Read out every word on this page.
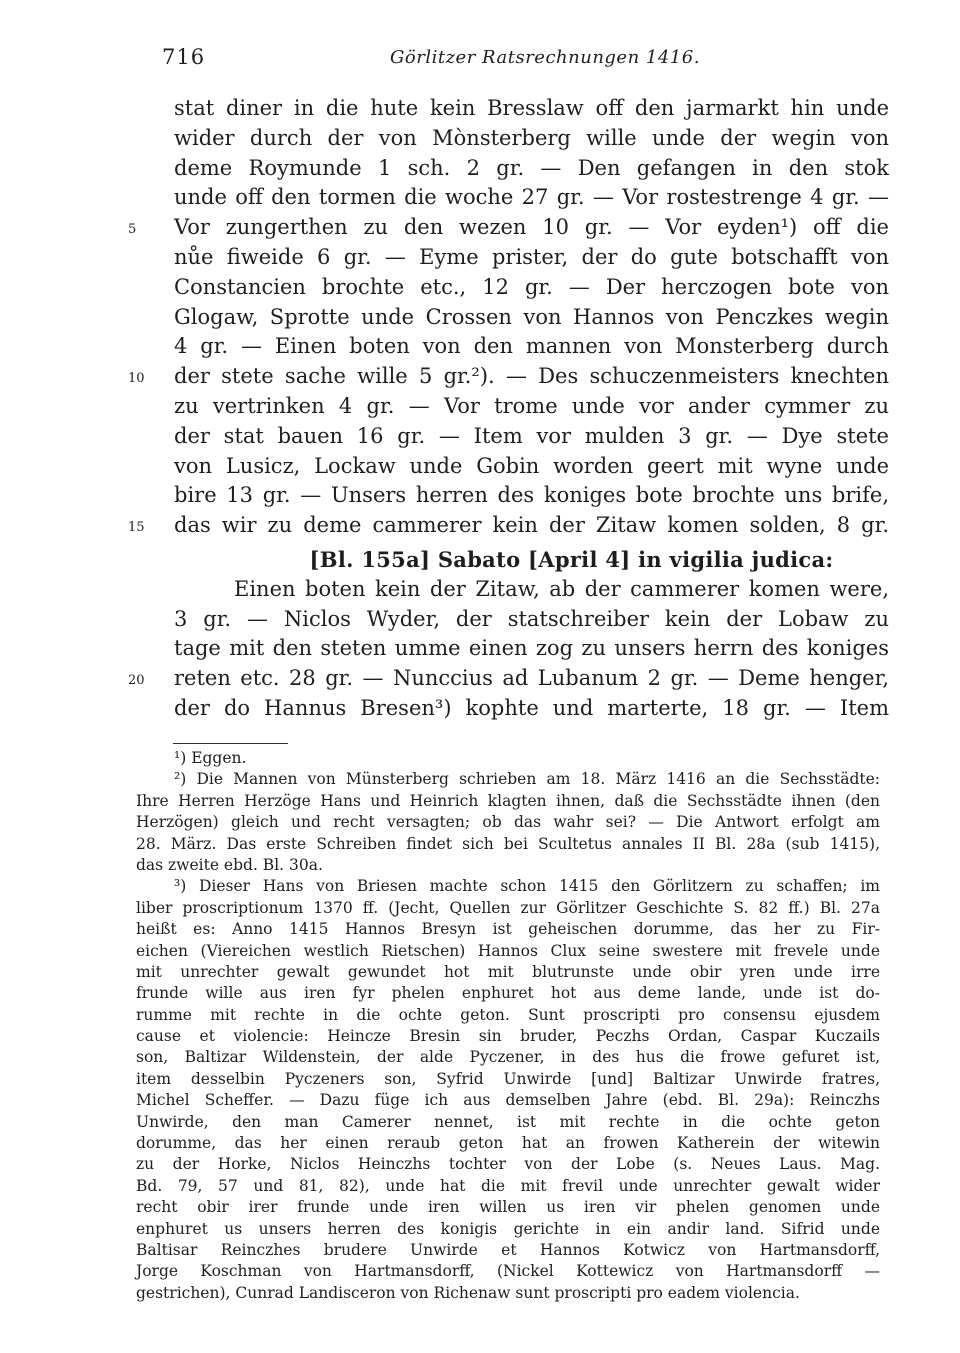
716	Görlitzer Ratsrechnungen 1416.
stat diner in die hute kein Bresslaw off den jarmarkt hin unde
wider durch der von Mònsterberg wille unde der wegin von
deme Roymunde 1 sch. 2 gr. — Den gefangen in den stok
unde off den tormen die woche 27 gr. — Vor rostestrenge 4 gr. —
5 Vor zungerthen zu den wezen 10 gr. — Vor eyden¹) off die
nůe fiweide 6 gr. — Eyme prister, der do gute botschafft von
Constancien brochte etc., 12 gr. — Der herczogen bote von
Glogaw, Sprotte unde Crossen von Hannos von Penczkes wegin
4 gr. — Einen boten von den mannen von Monsterberg durch
10 der stete sache wille 5 gr.²). — Des schuczenmeisters knechten
zu vertrinken 4 gr. — Vor trome unde vor ander cymmer zu
der stat bauen 16 gr. — Item vor mulden 3 gr. — Dye stete
von Lusicz, Lockaw unde Gobin worden geert mit wyne unde
bire 13 gr. — Unsers herren des koniges bote brochte uns brife,
15 das wir zu deme cammerer kein der Zitaw komen solden, 8 gr.
[Bl. 155a] Sabato [April 4] in vigilia judica:
Einen boten kein der Zitaw, ab der cammerer komen were,
3 gr. — Niclos Wyder, der statschreiber kein der Lobaw zu
tage mit den steten umme einen zog zu unsers herrn des koniges
20 reten etc. 28 gr. — Nunccius ad Lubanum 2 gr. — Deme henger,
der do Hannus Bresen³) kophte und marterte, 18 gr. — Item
¹) Eggen.
²) Die Mannen von Münsterberg schrieben am 18. März 1416 an die Sechsstädte:
Ihre Herren Herzöge Hans und Heinrich klagten ihnen, daß die Sechsstädte ihnen (den
Herzögen) gleich und recht versagten; ob das wahr sei? — Die Antwort erfolgt am
28. März. Das erste Schreiben findet sich bei Scultetus annales II Bl. 28a (sub 1415),
das zweite ebd. Bl. 30a.
³) Dieser Hans von Briesen machte schon 1415 den Görlitzern zu schaffen; im
liber proscriptionum 1370 ff. (Jecht, Quellen zur Görlitzer Geschichte S. 82 ff.) Bl. 27a
heißt es: Anno 1415 Hannos Bresyn ist geheischen dorumme, das her zu Fir-
eichen (Viereichen westlich Rietschen) Hannos Clux seine swestere mit frevele unde
mit unrechter gewalt gewundet hot mit blutrunste unde obir yren unde irre
frunde wille aus iren fyr phelen enphuret hot aus deme lande, unde ist do-
rumme mit rechte in die ochte geton. Sunt proscripti pro consensu ejusdem
cause et violencie: Heincze Bresin sin bruder, Peczhs Ordan, Caspar Kuczails
son, Baltizar Wildenstein, der alde Pyczener, in des hus die frowe gefuret ist,
item desselbin Pyczeners son, Syfrid Unwirde [und] Baltizar Unwirde fratres,
Michel Scheffer. — Dazu füge ich aus demselben Jahre (ebd. Bl. 29a): Reinczhs
Unwirde, den man Camerer nennet, ist mit rechte in die ochte geton
dorumme, das her einen reraub geton hat an frowen Katherein der witewin
zu der Horke, Niclos Heinczhs tochter von der Lobe (s. Neues Laus. Mag.
Bd. 79, 57 und 81, 82), unde hat die mit frevil unde unrechter gewalt wider
recht obir irer frunde unde iren willen us iren vir phelen genomen unde
enphuret us unsers herren des konigis gerichte in ein andir land. Sifrid unde
Baltisar Reinczhes brudere Unwirde et Hannos Kotwicz von Hartmansdorff,
Jorge Koschman von Hartmansdorff, (Nickel Kottewicz von Hartmansdorff —
gestrichen), Cunrad Landisceron von Richenaw sunt proscripti pro eadem violencia.
